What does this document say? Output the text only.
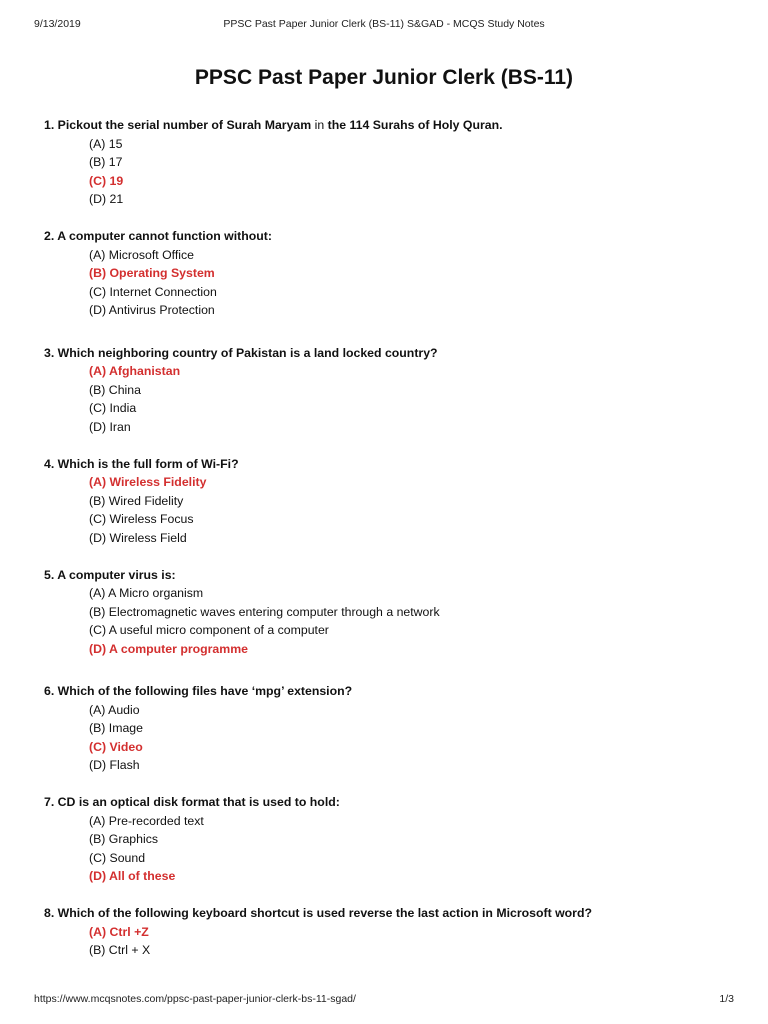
9/13/2019	PPSC Past Paper Junior Clerk (BS-11) S&GAD - MCQS Study Notes
PPSC Past Paper Junior Clerk (BS-11)
1. Pickout the serial number of Surah Maryam in the 114 Surahs of Holy Quran.
(A) 15
(B) 17
(C) 19
(D) 21
2. A computer cannot function without:
(A) Microsoft Office
(B) Operating System
(C) Internet Connection
(D) Antivirus Protection
3. Which neighboring country of Pakistan is a land locked country?
(A) Afghanistan
(B) China
(C) India
(D) Iran
4. Which is the full form of Wi-Fi?
(A) Wireless Fidelity
(B) Wired Fidelity
(C) Wireless Focus
(D) Wireless Field
5. A computer virus is:
(A) A Micro organism
(B) Electromagnetic waves entering computer through a network
(C) A useful micro component of a computer
(D) A computer programme
6. Which of the following files have ‘mpg’ extension?
(A) Audio
(B) Image
(C) Video
(D) Flash
7. CD is an optical disk format that is used to hold:
(A) Pre-recorded text
(B) Graphics
(C) Sound
(D) All of these
8. Which of the following keyboard shortcut is used reverse the last action in Microsoft word?
(A) Ctrl +Z
(B) Ctrl + X
https://www.mcqsnotes.com/ppsc-past-paper-junior-clerk-bs-11-sgad/	1/3
